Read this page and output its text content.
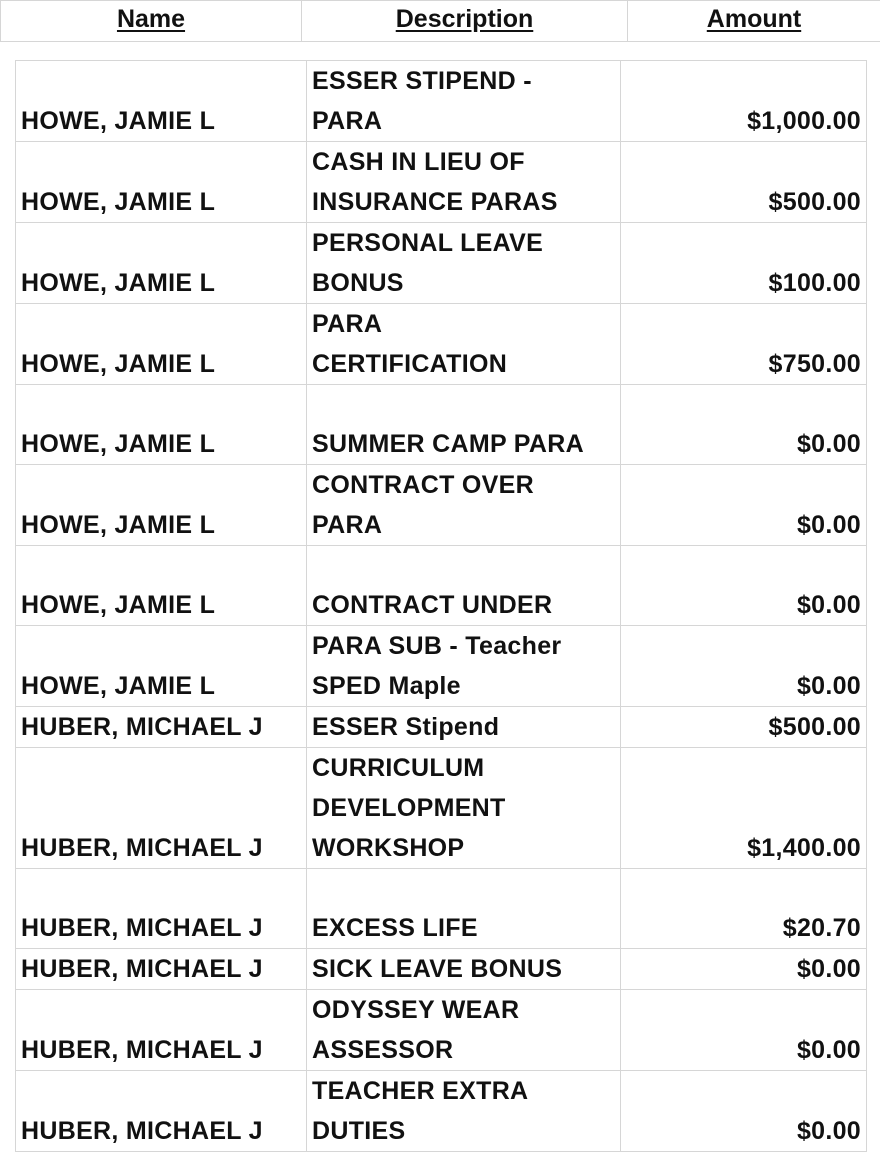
Name	Description	Amount
HOWE, JAMIE L	ESSER STIPEND -
PARA	$1,000.00
HOWE, JAMIE L	CASH IN LIEU OF
INSURANCE PARAS	$500.00
HOWE, JAMIE L	PERSONAL LEAVE
BONUS	$100.00
HOWE, JAMIE L	PARA
CERTIFICATION	$750.00
HOWE, JAMIE L	SUMMER CAMP PARA	$0.00
HOWE, JAMIE L	CONTRACT OVER
PARA	$0.00
HOWE, JAMIE L	CONTRACT UNDER	$0.00
HOWE, JAMIE L	PARA SUB - Teacher
SPED Maple	$0.00
HUBER, MICHAEL J	ESSER Stipend	$500.00
HUBER, MICHAEL J	CURRICULUM
DEVELOPMENT
WORKSHOP	$1,400.00
HUBER, MICHAEL J	EXCESS LIFE	$20.70
HUBER, MICHAEL J	SICK LEAVE BONUS	$0.00
HUBER, MICHAEL J	ODYSSEY WEAR
ASSESSOR	$0.00
HUBER, MICHAEL J	TEACHER EXTRA
DUTIES	$0.00
